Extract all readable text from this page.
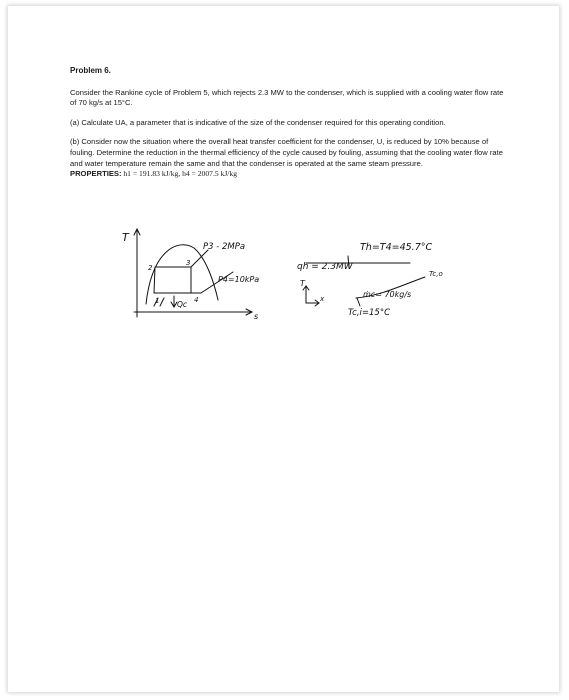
Problem 6.

Consider the Rankine cycle of Problem 5, which rejects 2.3 MW to the condenser, which is supplied with a cooling water flow rate of 70 kg/s at 15°C.

(a) Calculate UA, a parameter that is indicative of the size of the condenser required for this operating condition.

(b) Consider now the situation where the overall heat transfer coefficient for the condenser, U, is reduced by 10% because of fouling. Determine the reduction in the thermal efficiency of the cycle caused by fouling, assuming that the cooling water flow rate and water temperature remain the same and that the condenser is operated at the same steam pressure.

PROPERTIES: h1 = 191.83 kJ/kg, h4 = 2007.5 kJ/kg
T
s
P3 - 2MPa
P4=10kPa
Qc
1
2
3
4
Th=T4=45.7°C
qh = 2.3MW
T
x	ṁc= 70kg/s
Tc,o
Tc,i=15°C
